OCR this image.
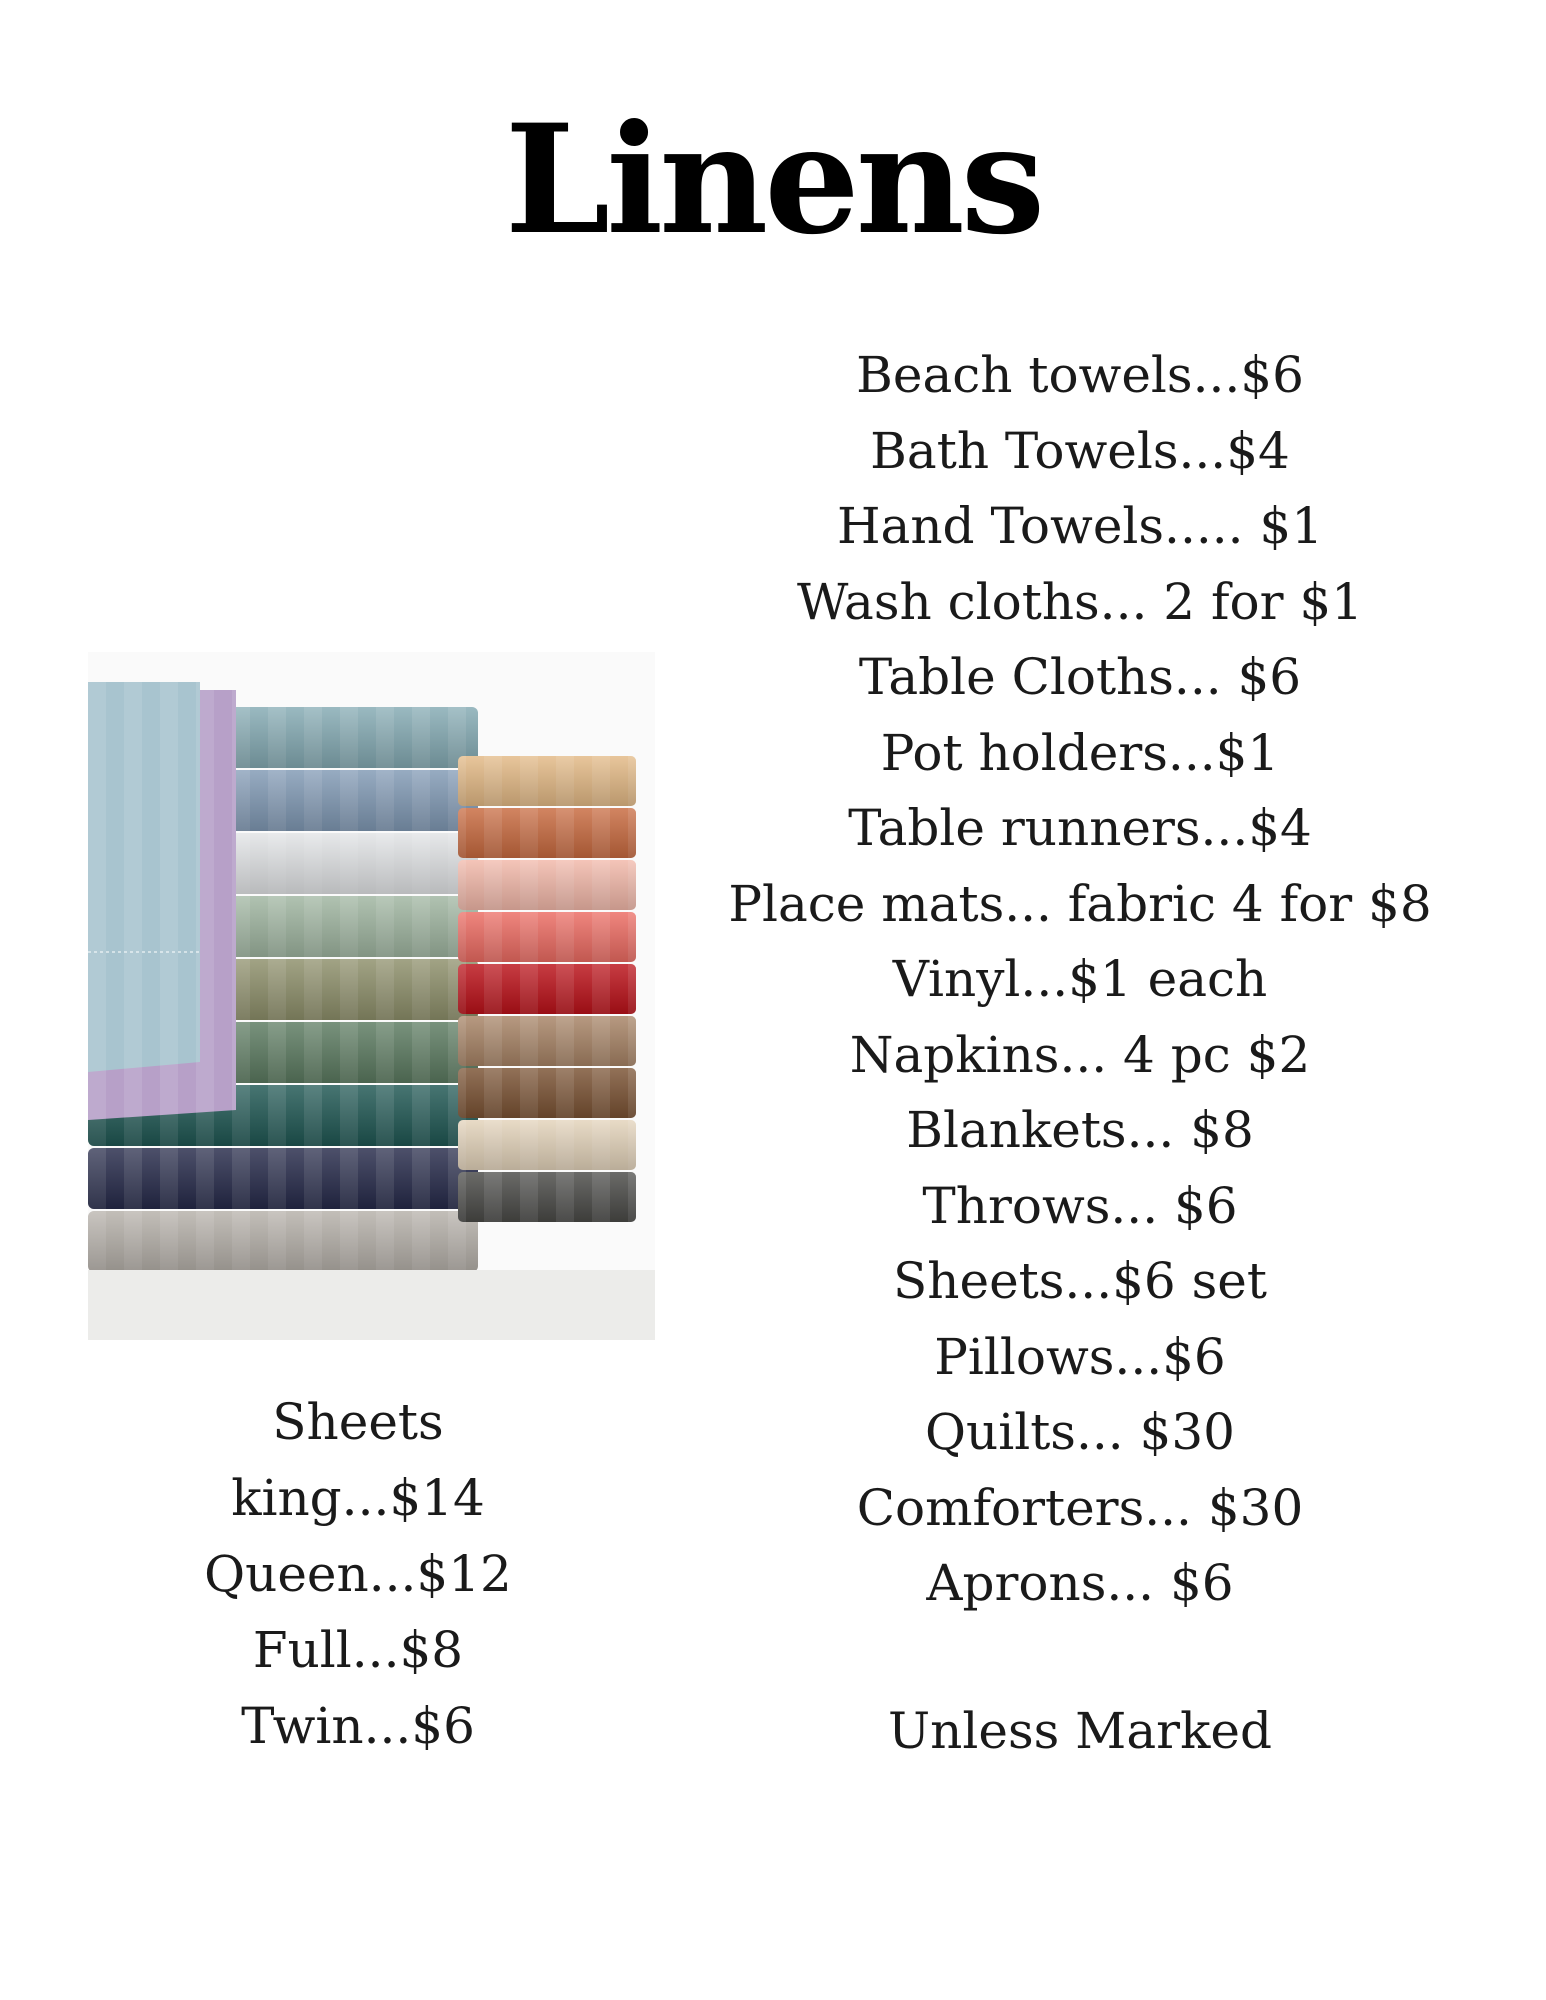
Linens
Beach towels...$6
Bath Towels...$4
Hand Towels..... $1
Wash cloths... 2 for $1
Table Cloths... $6
Pot holders...$1
Table runners...$4
Place mats... fabric 4 for $8
Vinyl...$1 each
Napkins... 4 pc $2
Blankets... $8
Throws... $6
Sheets...$6 set
Pillows...$6
Quilts... $30
Comforters... $30
Aprons... $6
Unless Marked
Sheets
king...$14
Queen...$12
Full...$8
Twin...$6
